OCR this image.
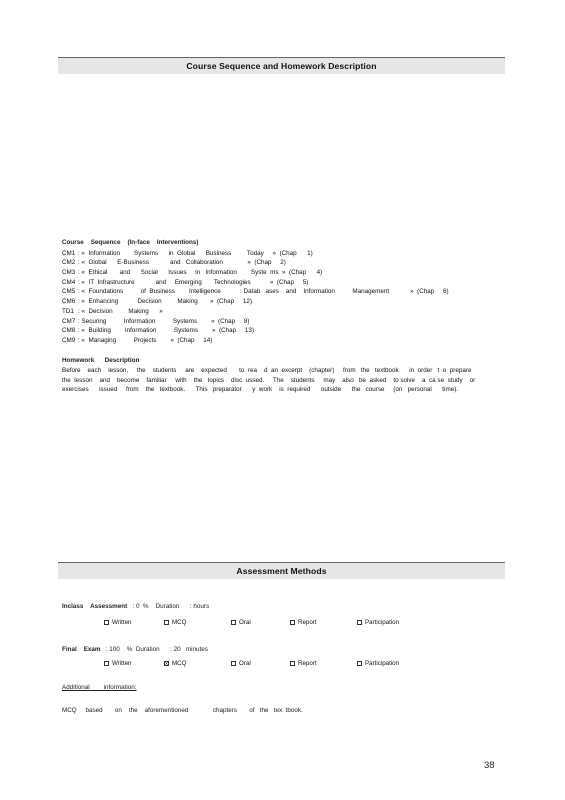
Course Sequence and Homework Description
Course    Sequence    (In-face    Interventions)
CM1 : «  Information        Systems      in  Global      Business         Today     »  (Chap      1)
CM2 : «  Global      E-Business            and   Collaboration              »  (Chap     2)
CM3 : «  Ethical       and      Social      Issues     in   Information        Syste  ms  »  (Chap      4)
CM4 : «  IT  Infrastructure            and     Emerging       Technologies           »  (Chap     5)
CM5 : «  Foundations          of  Business        Intelligence           : Datab   ases    and    Information          Management            »  (Chap     6)
CM6 : «  Enhancing           Decision         Making       »  (Chap     12)
TD1 : «  Decision         Making      »
CM7 : Securing          Information          Systems        »  (Chap     8)
CM8 : «  Building        Information          Systems        »  (Chap     13)
CM9 : «  Managing          Projects        »  (Chap     14)
Homework      Description
Before    each    lesson,     the    students     are    expected       to  rea    d  an  excerpt    (chapter)     from   the   textbook      in  order   t  o  prepare
the  lesson    and    become    familiar     with    the   topics    disc  ussed.     The    students     may    also   be  asked    to solve    a  ca se  study    or
exercises      issued     from    the   textbook.      This   preparator      y  work    is  required      outside      the   course     (on   personal      time).
Assessment Methods
Inclass    Assessment : 0  %    Duration      : hours
Written	MCQ	Oral	Report	Participation
Final    Exam : 100    %  Duration      : 20   minutes
Written	MCQ	Oral	Report	Participation
Additional        information:
MCQ     based       on    the    aforementioned              chapters       of   the   tex  tbook.
38
